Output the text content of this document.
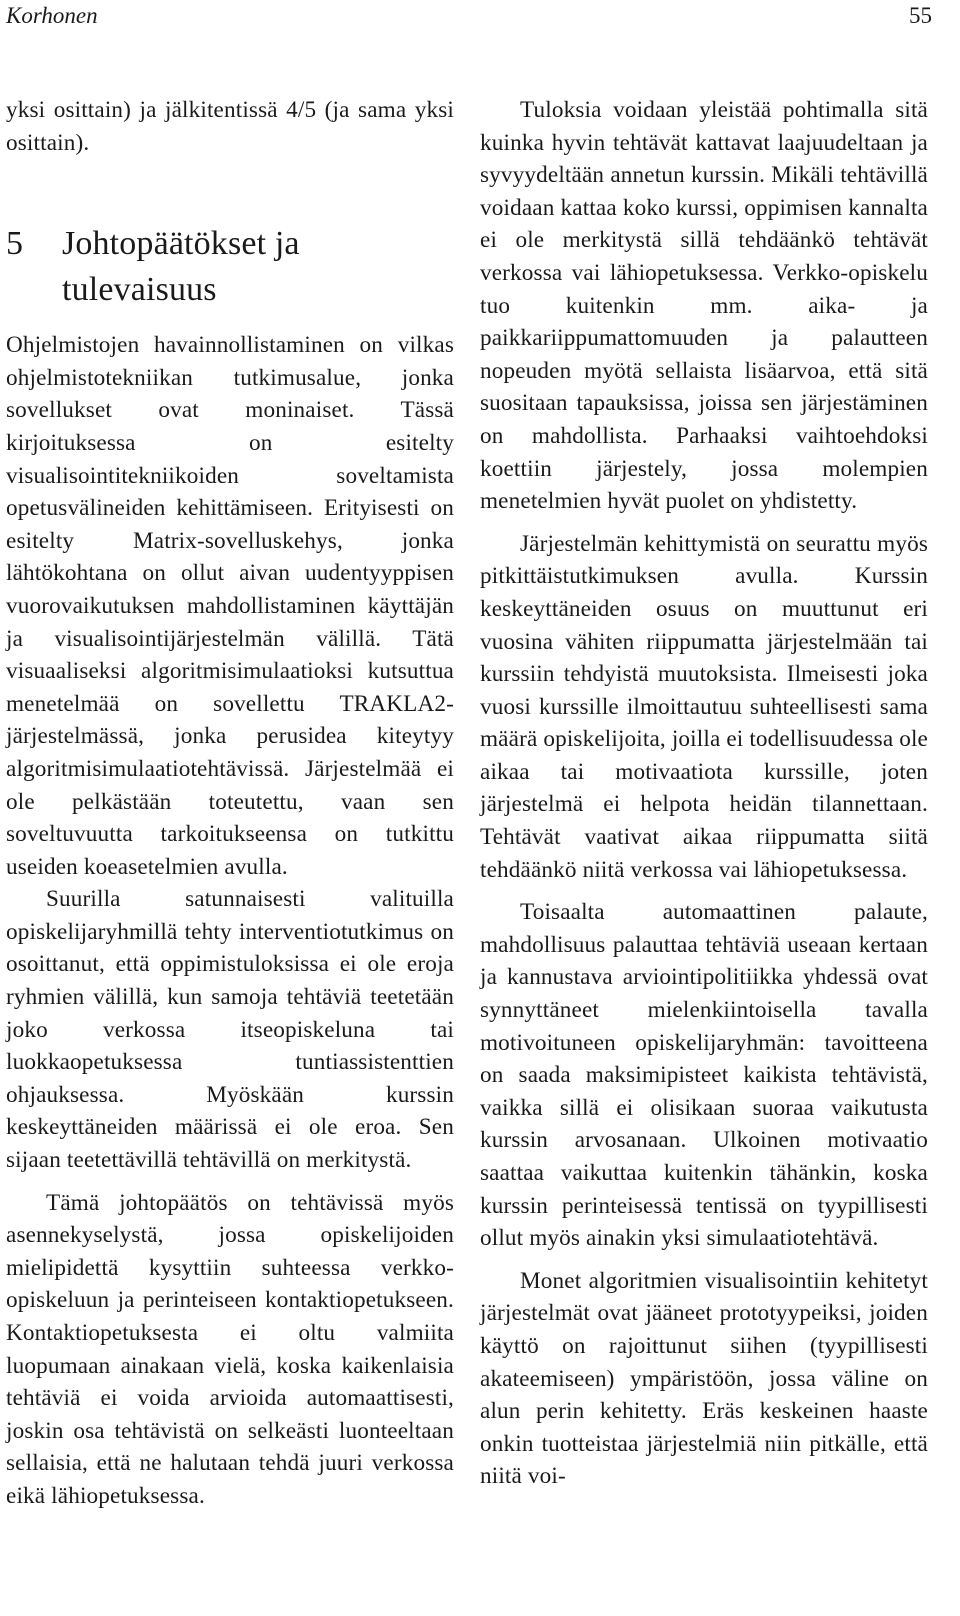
Korhonen	55

yksi osittain) ja jälkitentissä 4/5 (ja sama yksi osittain).

5	Johtopäätökset ja tulevaisuus

Ohjelmistojen havainnollistaminen on vilkas ohjelmistotekniikan tutkimusalue, jonka sovellukset ovat moninaiset. Tässä kirjoituksessa on esitelty visualisointitekniikoiden soveltamista opetusvälineiden kehittämiseen. Erityisesti on esitelty Matrix-sovelluskehys, jonka lähtökohtana on ollut aivan uudentyyppisen vuorovaikutuksen mahdollistaminen käyttäjän ja visualisointijärjestelmän välillä. Tätä visuaaliseksi algoritmisimulaatioksi kutsuttua menetelmää on sovellettu TRAKLA2-järjestelmässä, jonka perusidea kiteytyy algoritmisimulaatiotehtävissä. Järjestelmää ei ole pelkästään toteutettu, vaan sen soveltuvuutta tarkoitukseensa on tutkittu useiden koeasetelmien avulla.

Suurilla satunnaisesti valituilla opiskelijaryhmillä tehty interventiotutkimus on osoittanut, että oppimistuloksissa ei ole eroja ryhmien välillä, kun samoja tehtäviä teetetään joko verkossa itseopiskeluna tai luokkaopetuksessa tuntiassistenttien ohjauksessa. Myöskään kurssin keskeyttäneiden määrissä ei ole eroa. Sen sijaan teetettävillä tehtävillä on merkitystä.

Tämä johtopäätös on tehtävissä myös asennekyselystä, jossa opiskelijoiden mielipidettä kysyttiin suhteessa verkko-opiskeluun ja perinteiseen kontaktiopetukseen. Kontaktiopetuksesta ei oltu valmiita luopumaan ainakaan vielä, koska kaikenlaisia tehtäviä ei voida arvioida automaattisesti, joskin osa tehtävistä on selkeästi luonteeltaan sellaisia, että ne halutaan tehdä juuri verkossa eikä lähiopetuksessa.

Tuloksia voidaan yleistää pohtimalla sitä kuinka hyvin tehtävät kattavat laajuudeltaan ja syvyydeltään annetun kurssin. Mikäli tehtävillä voidaan kattaa koko kurssi, oppimisen kannalta ei ole merkitystä sillä tehdäänkö tehtävät verkossa vai lähiopetuksessa. Verkko-opiskelu tuo kuitenkin mm. aika- ja paikkariippumattomuuden ja palautteen nopeuden myötä sellaista lisäarvoa, että sitä suositaan tapauksissa, joissa sen järjestäminen on mahdollista. Parhaaksi vaihtoehdoksi koettiin järjestely, jossa molempien menetelmien hyvät puolet on yhdistetty.

Järjestelmän kehittymistä on seurattu myös pitkittäistutkimuksen avulla. Kurssin keskeyttäneiden osuus on muuttunut eri vuosina vähiten riippumatta järjestelmään tai kurssiin tehdyistä muutoksista. Ilmeisesti joka vuosi kurssille ilmoittautuu suhteellisesti sama määrä opiskelijoita, joilla ei todellisuudessa ole aikaa tai motivaatiota kurssille, joten järjestelmä ei helpota heidän tilannettaan. Tehtävät vaativat aikaa riippumatta siitä tehdäänkö niitä verkossa vai lähiopetuksessa.

Toisaalta automaattinen palaute, mahdollisuus palauttaa tehtäviä useaan kertaan ja kannustava arviointipolitiikka yhdessä ovat synnyttäneet mielenkiintoisella tavalla motivoituneen opiskelijaryhmän: tavoitteena on saada maksimipisteet kaikista tehtävistä, vaikka sillä ei olisikaan suoraa vaikutusta kurssin arvosanaan. Ulkoinen motivaatio saattaa vaikuttaa kuitenkin tähänkin, koska kurssin perinteisessä tentissä on tyypillisesti ollut myös ainakin yksi simulaatiotehtävä.

Monet algoritmien visualisointiin kehitetyt järjestelmät ovat jääneet prototyypeiksi, joiden käyttö on rajoittunut siihen (tyypillisesti akateemiseen) ympäristöön, jossa väline on alun perin kehitetty. Eräs keskeinen haaste onkin tuotteistaa järjestelmiä niin pitkälle, että niitä voi-
